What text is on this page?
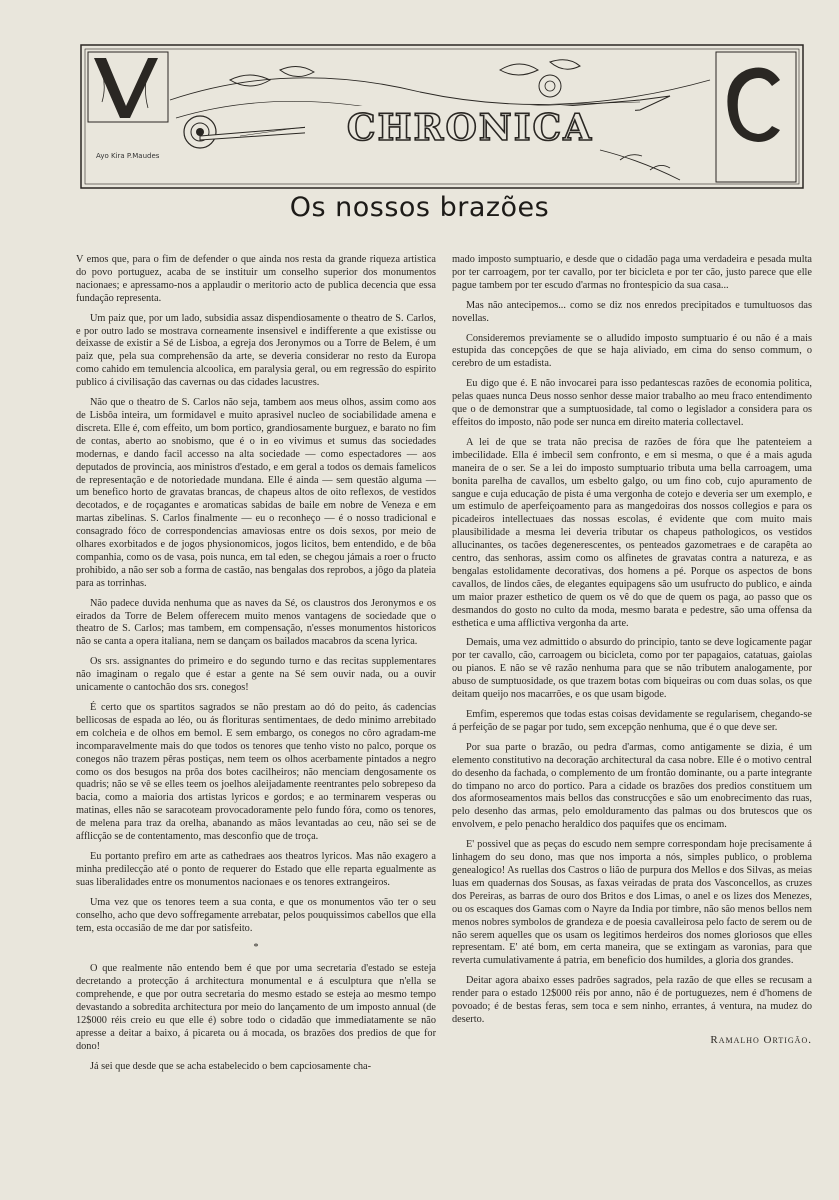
CHRONICA
Ayo Kira P.Maudes
Os nossos brazões

V emos que, para o fim de defender o que ainda nos resta da grande riqueza artistica do povo portuguez, acaba de se instituir um conselho superior dos monumentos nacionaes; e apressamo-nos a applaudir o meritorio acto de publica decencia que essa fundação representa.

Um paiz que, por um lado, subsidia assaz dispendiosamente o theatro de S. Carlos, e por outro lado se mostrava corneamente insensivel e indifferente a que existisse ou deixasse de existir a Sé de Lisboa, a egreja dos Jeronymos ou a Torre de Belem, é um paiz que, pela sua comprehensão da arte, se deveria considerar no resto da Europa como cahido em temulencia alcoolica, em paralysia geral, ou em regressão do espirito publico á civilisação das cavernas ou das cidades lacustres.

Não que o theatro de S. Carlos não seja, tambem aos meus olhos, assim como aos de Lisbôa inteira, um formidavel e muito aprasivel nucleo de sociabilidade amena e discreta. Elle é, com effeito, um bom portico, grandiosamente burguez, e barato no fim de contas, aberto ao snobismo, que é o in eo vivimus et sumus das sociedades modernas, e dando facil accesso na alta sociedade — como espectadores — aos deputados de provincia, aos ministros d'estado, e em geral a todos os demais famelicos de representação e de notoriedade mundana. Elle é ainda — sem questão alguma — um benefico horto de gravatas brancas, de chapeus altos de oito reflexos, de vestidos decotados, e de roçagantes e aromaticas sabidas de baile em nobre de Veneza e em martas zibelinas. S. Carlos finalmente — eu o reconheço — é o nosso tradicional e consagrado fóco de correspondencias amaviosas entre os dois sexos, por meio de olhares exorbitados e de jogos physionomicos, jogos licitos, bem entendido, e de bôa companhia, como os de vasa, pois nunca, em tal eden, se chegou jámais a roer o fructo prohibido, a não ser sob a forma de castão, nas bengalas dos reprobos, a jôgo da plateia para as torrinhas.

Não padece duvida nenhuma que as naves da Sé, os claustros dos Jeronymos e os eirados da Torre de Belem offerecem muito menos vantagens de sociedade que o theatro de S. Carlos; mas tambem, em compensação, n'esses monumentos historicos não se canta a opera italiana, nem se dançam os bailados macabros da scena lyrica.

Os srs. assignantes do primeiro e do segundo turno e das recitas supplementares não imaginam o regalo que é estar a gente na Sé sem ouvir nada, ou a ouvir unicamente o cantochão dos srs. conegos!

É certo que os spartitos sagrados se não prestam ao dó do peito, ás cadencias bellicosas de espada ao léo, ou ás florituras sentimentaes, de dedo minimo arrebitado em colcheia e de olhos em bemol. E sem embargo, os conegos no côro agradam-me incomparavelmente mais do que todos os tenores que tenho visto no palco, porque os conegos não trazem pêras postiças, nem teem os olhos acerbamente pintados a negro como os dos besugos na prôa dos botes cacilheiros; não menciam dengosamente os quadris; não se vê se elles teem os joelhos aleijadamente reentrantes pelo sobrepeso da bacia, como a maioria dos artistas lyricos e gordos; e ao terminarem vesperas ou matinas, elles não se saracoteam provocadoramente pelo fundo fóra, como os tenores, de melena para traz da orelha, abanando as mãos levantadas ao ceu, não sei se de afflicção se de contentamento, mas desconfio que de troça.

Eu portanto prefiro em arte as cathedraes aos theatros lyricos. Mas não exagero a minha predilecção até o ponto de requerer do Estado que elle reparta egualmente as suas liberalidades entre os monumentos nacionaes e os tenores extrangeiros.

Uma vez que os tenores teem a sua conta, e que os monumentos vão ter o seu conselho, acho que devo soffregamente arrebatar, pelos pouquissimos cabellos que ella tem, esta occasião de me dar por satisfeito.

*

O que realmente não entendo bem é que por uma secretaria d'estado se esteja decretando a protecção á architectura monumental e á esculptura que n'ella se comprehende, e que por outra secretaria do mesmo estado se esteja ao mesmo tempo devastando a sobredita architectura por meio do lançamento de um imposto annual (de 12$000 réis creio eu que elle é) sobre todo o cidadão que immediatamente se não apresse a deitar a baixo, á picareta ou á mocada, os brazões dos predios de que for dono!

Já sei que desde que se acha estabelecido o bem capciosamente cha-

mado imposto sumptuario, e desde que o cidadão paga uma verdadeira e pesada multa por ter carroagem, por ter cavallo, por ter bicicleta e por ter cão, justo parece que elle pague tambem por ter escudo d'armas no frontespicio da sua casa...

Mas não antecipemos... como se diz nos enredos precipitados e tumultuosos das novellas.

Consideremos previamente se o alludido imposto sumptuario é ou não é a mais estupida das concepções de que se haja aliviado, em cima do senso commum, o cerebro de um estadista.

Eu digo que é. E não invocarei para isso pedantescas razões de economia politica, pelas quaes nunca Deus nosso senhor desse maior trabalho ao meu fraco entendimento que o de demonstrar que a sumptuosidade, tal como o legislador a considera para os effeitos do imposto, não pode ser nunca em direito materia collectavel.

A lei de que se trata não precisa de razões de fóra que lhe patenteiem a imbecilidade. Ella é imbecil sem confronto, e em si mesma, o que é a mais aguda maneira de o ser. Se a lei do imposto sumptuario tributa uma bella carroagem, uma bonita parelha de cavallos, um esbelto galgo, ou um fino cob, cujo apuramento de sangue e cuja educação de pista é uma vergonha de cotejo e deveria ser um exemplo, e um estimulo de aperfeiçoamento para as mangedoiras dos nossos collegios e para os picadeiros intellectuaes das nossas escolas, é evidente que com muito mais plausibilidade a mesma lei deveria tributar os chapeus pathologicos, os vestidos allucinantes, os tacões degenerescentes, os penteados gazometraes e de carapêta ao centro, das senhoras, assim como os alfinetes de gravatas contra a natureza, e as bengalas estolidamente decorativas, dos homens a pé. Porque os aspectos de bons cavallos, de lindos cães, de elegantes equipagens são um usufructo do publico, e ainda um maior prazer esthetico de quem os vê do que de quem os paga, ao passo que os desmandos do gosto no culto da moda, mesmo barata e pedestre, são uma offensa da esthetica e uma afflictiva vergonha da arte.

Demais, uma vez admittido o absurdo do principio, tanto se deve logicamente pagar por ter cavallo, cão, carroagem ou bicicleta, como por ter papagaios, catatuas, gaiolas ou pianos. E não se vê razão nenhuma para que se não tributem analogamente, por abuso de sumptuosidade, os que trazem botas com biqueiras ou com duas solas, os que deitam queijo nos macarrões, e os que usam bigode.

Emfim, esperemos que todas estas coisas devidamente se regularisem, chegando-se á perfeição de se pagar por tudo, sem excepção nenhuma, que é o que deve ser.

Por sua parte o brazão, ou pedra d'armas, como antigamente se dizia, é um elemento constitutivo na decoração architectural da casa nobre. Elle é o motivo central do desenho da fachada, o complemento de um frontão dominante, ou a parte integrante do timpano no arco do portico. Para a cidade os brazões dos predios constituem um dos aformoseamentos mais bellos das construcções e são um enobrecimento das ruas, pelo desenho das armas, pelo emolduramento das palmas ou dos brutescos que os envolvem, e pelo penacho heraldico dos paquifes que os encimam.

E' possivel que as peças do escudo nem sempre correspondam hoje precisamente á linhagem do seu dono, mas que nos importa a nós, simples publico, o problema genealogico! As ruellas dos Castros o lião de purpura dos Mellos e dos Silvas, as meias luas em quadernas dos Sousas, as faxas veiradas de prata dos Vasconcellos, as cruzes dos Pereiras, as barras de ouro dos Britos e dos Limas, o anel e os lizes dos Menezes, ou os escaques dos Gamas com o Nayre da India por timbre, não são menos bellos nem menos nobres symbolos de grandeza e de poesia cavalleirosa pelo facto de serem ou de não serem aquelles que os usam os legitimos herdeiros dos nomes gloriosos que elles representam. E' até bom, em certa maneira, que se extingam as varonias, para que reverta cumulativamente á patria, em beneficio dos humildes, a gloria dos grandes.

Deitar agora abaixo esses padrões sagrados, pela razão de que elles se recusam a render para o estado 12$000 réis por anno, não é de portuguezes, nem é d'homens de povoado; é de bestas feras, sem toca e sem ninho, errantes, á ventura, na mudez do deserto.

Ramalho Ortigão.
